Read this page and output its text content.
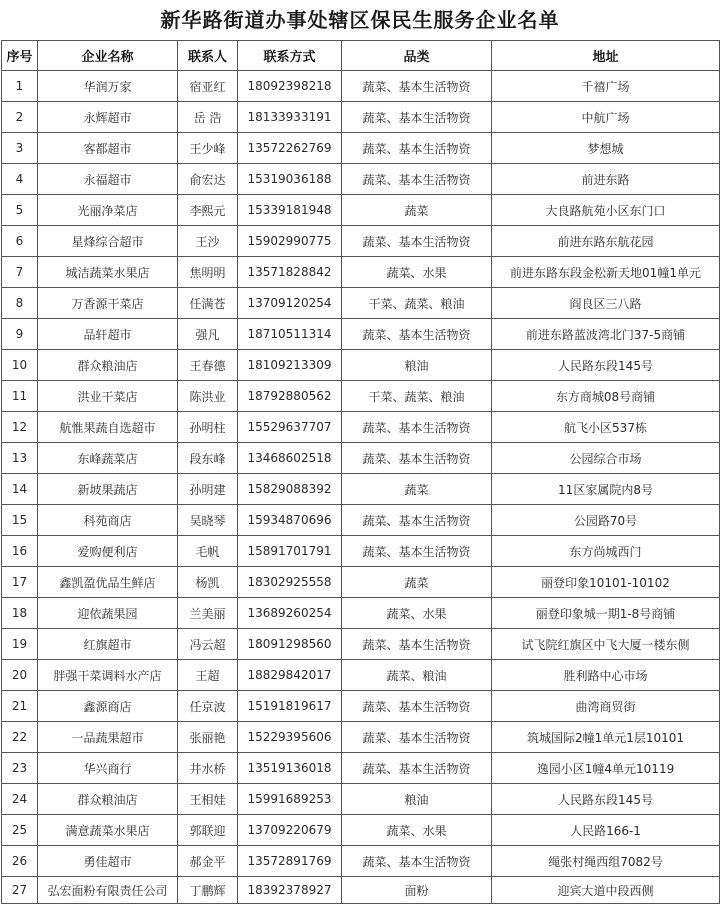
新华路街道办事处辖区保民生服务企业名单
序号	企业名称	联系人	联系方式	品类	地址
1	华润万家	宿亚红	18092398218	蔬菜、基本生活物资	千禧广场
2	永辉超市	岳 浩	18133933191	蔬菜、基本生活物资	中航广场
3	客都超市	王少峰	13572262769	蔬菜、基本生活物资	梦想城
4	永福超市	俞宏达	15319036188	蔬菜、基本生活物资	前进东路
5	光丽净菜店	李熙元	15339181948	蔬菜	大良路航苑小区东门口
6	星烽综合超市	王沙	15902990775	蔬菜、基本生活物资	前进东路东航花园
7	城洁蔬菜水果店	焦明明	13571828842	蔬菜、水果	前进东路东段金松新天地01幢1单元
8	万香源干菜店	任满苍	13709120254	干菜、蔬菜、粮油	阎良区三八路
9	品轩超市	强凡	18710511314	蔬菜、基本生活物资	前进东路蓝波湾北门37-5商铺
10	群众粮油店	王春德	18109213309	粮油	人民路东段145号
11	洪业干菜店	陈洪业	18792880562	干菜、蔬菜、粮油	东方商城08号商铺
12	航惟果蔬自选超市	孙明柱	15529637707	蔬菜、基本生活物资	航飞小区537栋
13	东峰蔬菜店	段东峰	13468602518	蔬菜、基本生活物资	公园综合市场
14	新坡果蔬店	孙明建	15829088392	蔬菜	11区家属院内8号
15	科苑商店	吴晓琴	15934870696	蔬菜、基本生活物资	公园路70号
16	爱购便利店	毛帆	15891701791	蔬菜、基本生活物资	东方尚城西门
17	鑫凯盈优品生鲜店	杨凯	18302925558	蔬菜	丽登印象10101-10102
18	迎依蔬果园	兰美丽	13689260254	蔬菜、水果	丽登印象城一期1-8号商铺
19	红旗超市	冯云超	18091298560	蔬菜、基本生活物资	试飞院红旗区中飞大厦一楼东侧
20	胖强干菜调料水产店	王超	18829842017	蔬菜、粮油	胜利路中心市场
21	鑫源商店	任京波	15191819617	蔬菜、基本生活物资	曲湾商贸街
22	一品蔬果超市	张丽艳	15229395606	蔬菜、基本生活物资	筑城国际2幢1单元1层10101
23	华兴商行	井水桥	13519136018	蔬菜、基本生活物资	逸园小区1幢4单元10119
24	群众粮油店	王相娃	15991689253	粮油	人民路东段145号
25	满意蔬菜水果店	郭联迎	13709220679	蔬菜、水果	人民路166-1
26	勇佳超市	郝金平	13572891769	蔬菜、基本生活物资	绳张村绳西组7082号
27	弘宏面粉有限责任公司	丁鹏辉	18392378927	面粉	迎宾大道中段西侧
